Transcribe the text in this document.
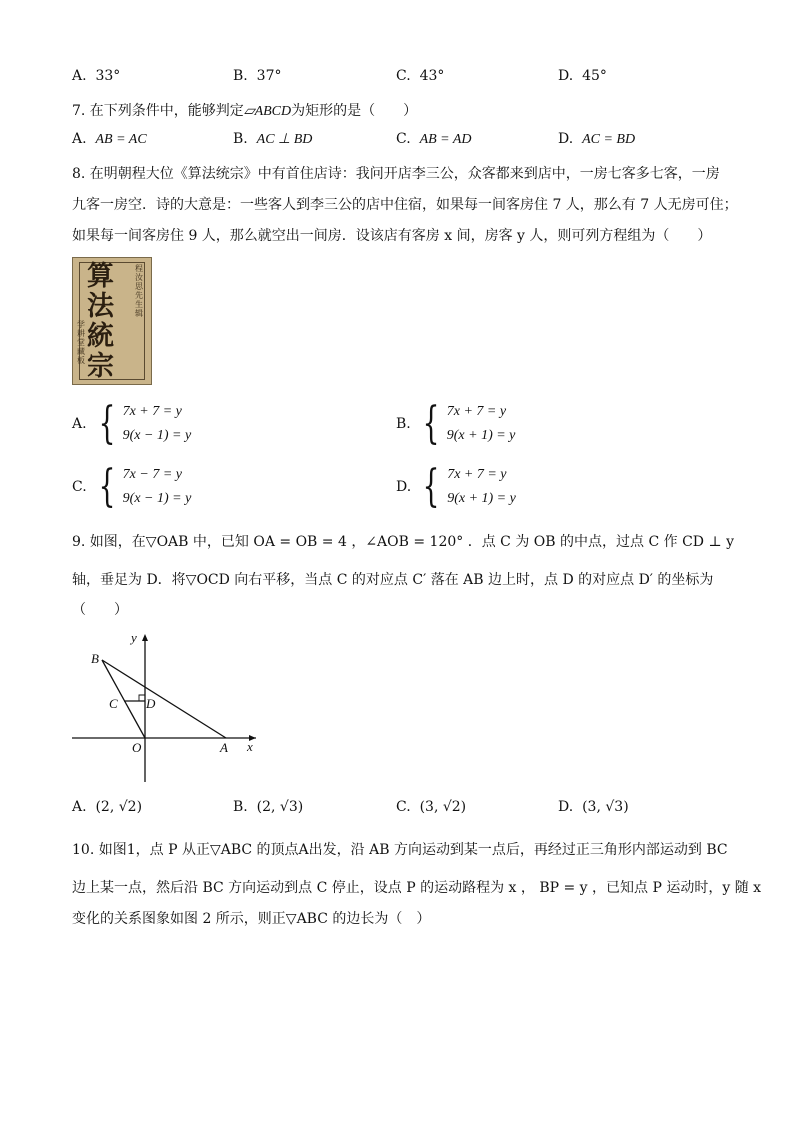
A. 33°	B. 37°	C. 43°	D. 45°
7. 在下列条件中，能够判定▱ABCD为矩形的是（　　）
A. AB = AC	B. AC ⊥ BD	C. AB = AD	D. AC = BD
8. 在明朝程大位《算法统宗》中有首住店诗：我问开店李三公，众客都来到店中，一房七客多七客，一房
九客一房空．诗的大意是：一些客人到李三公的店中住宿，如果每一间客房住 7 人，那么有 7 人无房可住；
如果每一间客房住 9 人，那么就空出一间房．设该店有客房 x 间，房客 y 人，则可列方程组为（　　）
算法統宗
程汝思先生辑
学耕堂藏板
A. { 7x + 7 = y
9(x − 1) = y
B. { 7x + 7 = y
9(x + 1) = y
C. { 7x − 7 = y
9(x − 1) = y
D. { 7x + 7 = y
9(x + 1) = y
9. 如图，在▽OAB 中，已知 OA = OB = 4 ，∠AOB = 120° ．点 C 为 OB 的中点，过点 C 作 CD ⊥ y
轴，垂足为 D．将▽OCD 向右平移，当点 C 的对应点 C′ 落在 AB 边上时，点 D 的对应点 D′ 的坐标为
（　　）
y
x
B
C D
O	A
A. (2, √2)	B. (2, √3)	C. (3, √2)	D. (3, √3)
10. 如图1，点 P 从正▽ABC 的顶点A出发，沿 AB 方向运动到某一点后，再经过正三角形内部运动到 BC
边上某一点，然后沿 BC 方向运动到点 C 停止，设点 P 的运动路程为 x ， BP = y ，已知点 P 运动时，y 随 x
变化的关系图象如图 2 所示，则正▽ABC 的边长为（　）
